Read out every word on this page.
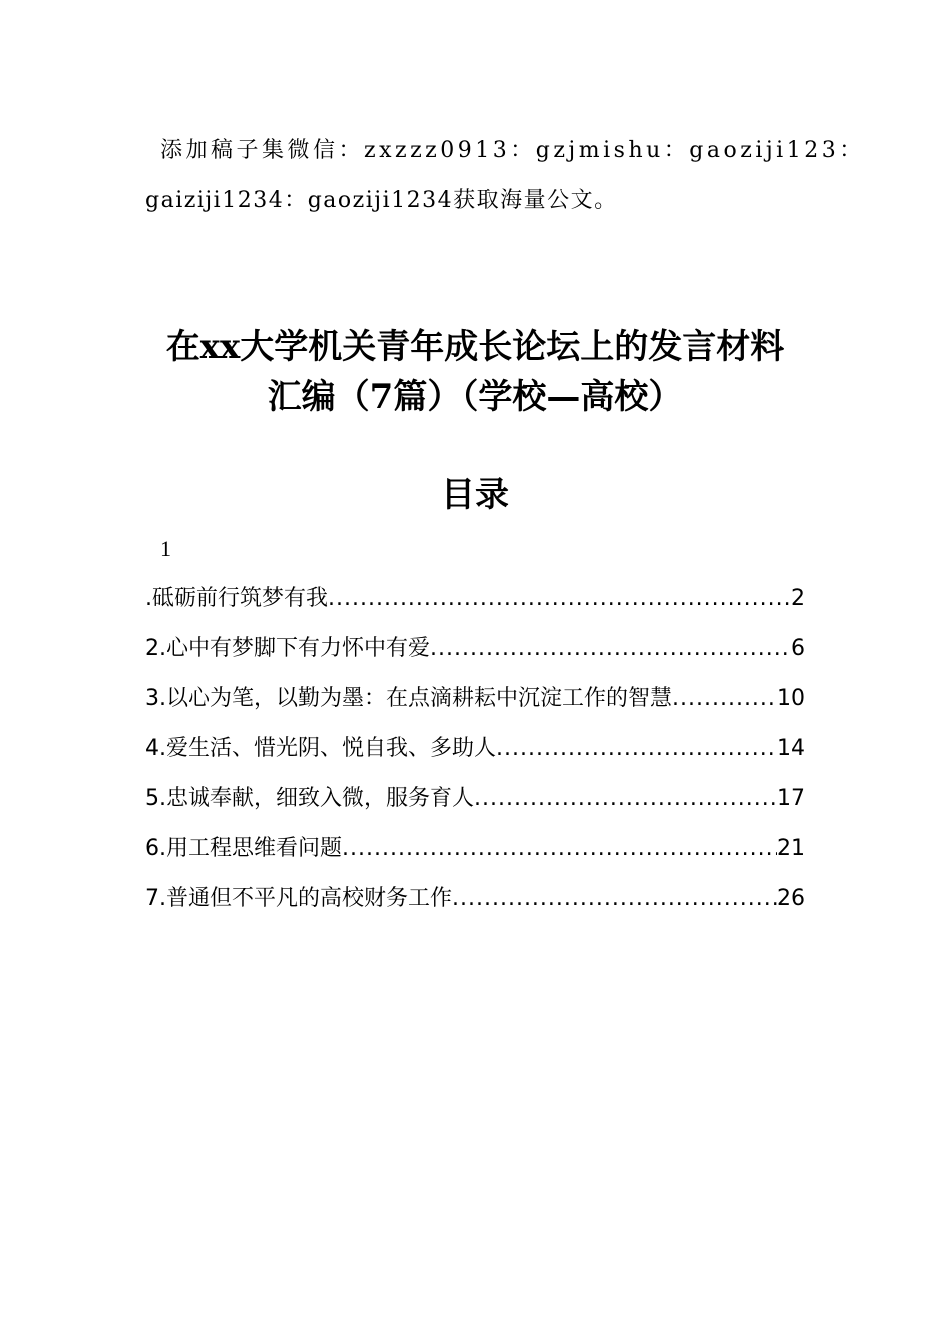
添加稿子集微信：zxzzz0913：gzjmishu：gaoziji123：
gaiziji1234：gaoziji1234获取海量公文。
在xx大学机关青年成长论坛上的发言材料
汇编（7篇）（学校—高校）
目录
1
.砥砺前行筑梦有我 .....	2
2.心中有梦脚下有力怀中有爱 .....	6
3.以心为笔，以勤为墨：在点滴耕耘中沉淀工作的智慧 .....	10
4.爱生活、惜光阴、悦自我、多助人 .....	14
5.忠诚奉献，细致入微，服务育人 .....	17
6.用工程思维看问题 .....	21
7.普通但不平凡的高校财务工作 .....	26
